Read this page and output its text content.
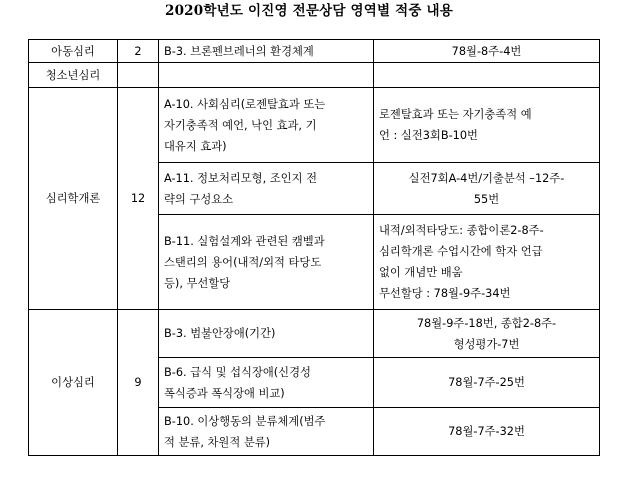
2020학년도 이진영 전문상담 영역별 적중 내용
아동심리	2	B-3. 브론펜브레너의 환경체계	78월-8주-4번
청소년심리			
심리학개론	12	A-10. 사회심리(로젠탈효과 또는
자기충족적 예언, 낙인 효과, 기
대유지 효과)	로젠탈효과 또는 자기충족적 예
언 : 실전3회B-10번

		A-11. 정보처리모형, 조인지 전
략의 구성요소	실전7회A-4번/기출분석 –12주-
55번

		B-11. 실험설계와 관련된 캠벨과
스탠리의 용어(내적/외적 타당도
등), 무선할당	내적/외적타당도: 종합이론2-8주-
심리학개론 수업시간에 학자 언급
없이 개념만 배움
무선할당 : 78월-9주-34번

이상심리	9	B-3. 범불안장애(기간)	78월-9주-18번, 종합2-8주-
형성평가-7번

		B-6. 급식 및 섭식장애(신경성
폭식증과 폭식장애 비교)	78월-7주-25번

		B-10. 이상행동의 분류체계(범주
적 분류, 차원적 분류)	78월-7주-32번
